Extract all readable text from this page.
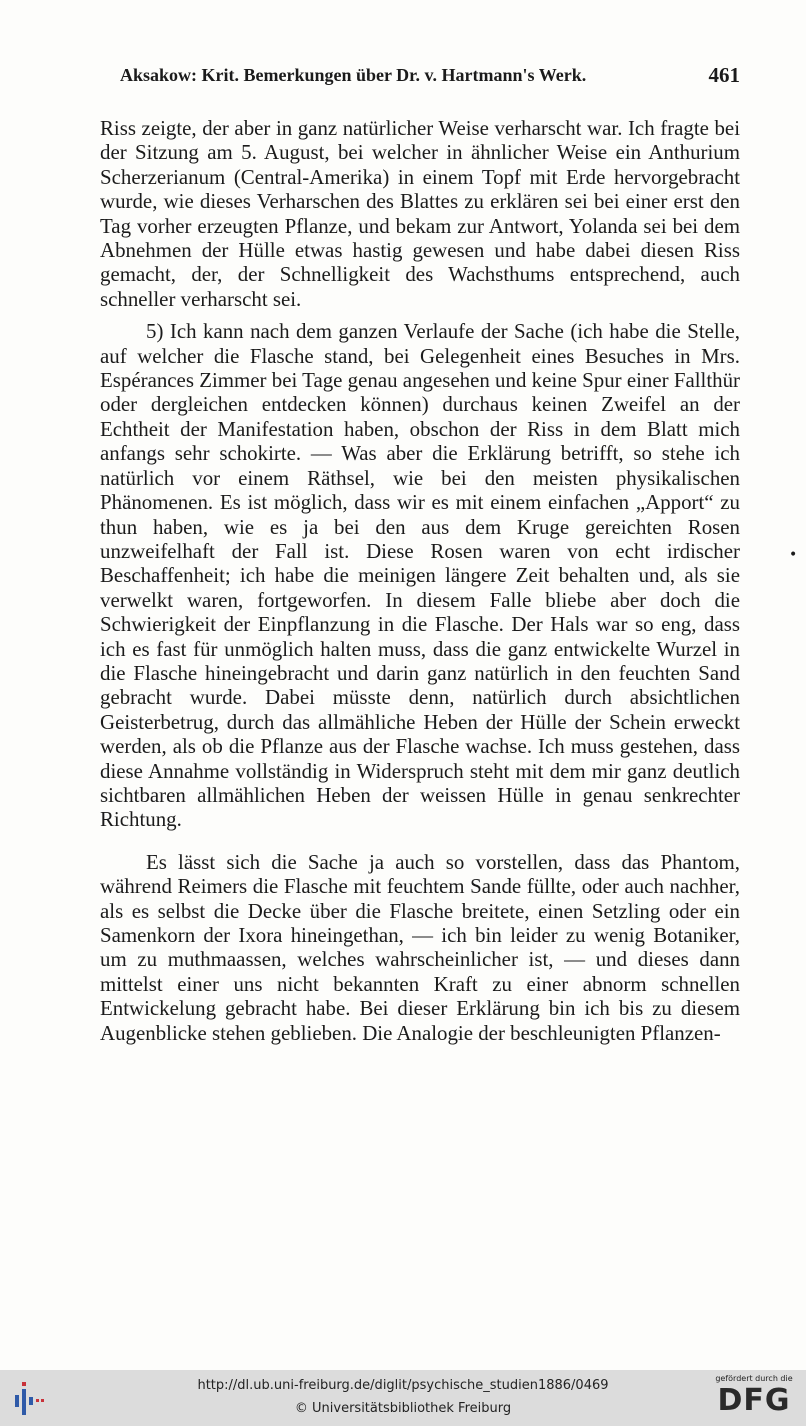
Aksakow: Krit. Bemerkungen über Dr. v. Hartmann's Werk.	461

Riss zeigte, der aber in ganz natürlicher Weise verharscht war. Ich fragte bei der Sitzung am 5. August, bei welcher in ähnlicher Weise ein Anthurium Scherzerianum (Central-Amerika) in einem Topf mit Erde hervorgebracht wurde, wie dieses Verharschen des Blattes zu erklären sei bei einer erst den Tag vorher erzeugten Pflanze, und bekam zur Antwort, Yolanda sei bei dem Abnehmen der Hülle etwas hastig gewesen und habe dabei diesen Riss gemacht, der, der Schnelligkeit des Wachsthums entsprechend, auch schneller verharscht sei.

5) Ich kann nach dem ganzen Verlaufe der Sache (ich habe die Stelle, auf welcher die Flasche stand, bei Gelegenheit eines Besuches in Mrs. Espérances Zimmer bei Tage genau angesehen und keine Spur einer Fallthür oder dergleichen entdecken können) durchaus keinen Zweifel an der Echtheit der Manifestation haben, obschon der Riss in dem Blatt mich anfangs sehr schokirte. — Was aber die Erklärung betrifft, so stehe ich natürlich vor einem Räthsel, wie bei den meisten physikalischen Phänomenen. Es ist möglich, dass wir es mit einem einfachen „Apport“ zu thun haben, wie es ja bei den aus dem Kruge gereichten Rosen unzweifelhaft der Fall ist. Diese Rosen waren von echt irdischer Beschaffenheit; ich habe die meinigen längere Zeit behalten und, als sie verwelkt waren, fortgeworfen. In diesem Falle bliebe aber doch die Schwierigkeit der Einpflanzung in die Flasche. Der Hals war so eng, dass ich es fast für unmöglich halten muss, dass die ganz entwickelte Wurzel in die Flasche hineingebracht und darin ganz natürlich in den feuchten Sand gebracht wurde. Dabei müsste denn, natürlich durch absichtlichen Geisterbetrug, durch das allmähliche Heben der Hülle der Schein erweckt werden, als ob die Pflanze aus der Flasche wachse. Ich muss gestehen, dass diese Annahme vollständig in Widerspruch steht mit dem mir ganz deutlich sichtbaren allmählichen Heben der weissen Hülle in genau senkrechter Richtung.

Es lässt sich die Sache ja auch so vorstellen, dass das Phantom, während Reimers die Flasche mit feuchtem Sande füllte, oder auch nachher, als es selbst die Decke über die Flasche breitete, einen Setzling oder ein Samenkorn der Ixora hineingethan, — ich bin leider zu wenig Botaniker, um zu muthmaassen, welches wahrscheinlicher ist, — und dieses dann mittelst einer uns nicht bekannten Kraft zu einer abnorm schnellen Entwickelung gebracht habe. Bei dieser Erklärung bin ich bis zu diesem Augenblicke stehen geblieben. Die Analogie der beschleunigten Pflanzen-

•
http://dl.ub.uni-freiburg.de/diglit/psychische_studien1886/0469
© Universitätsbibliothek Freiburg
gefördert durch die
DFG
